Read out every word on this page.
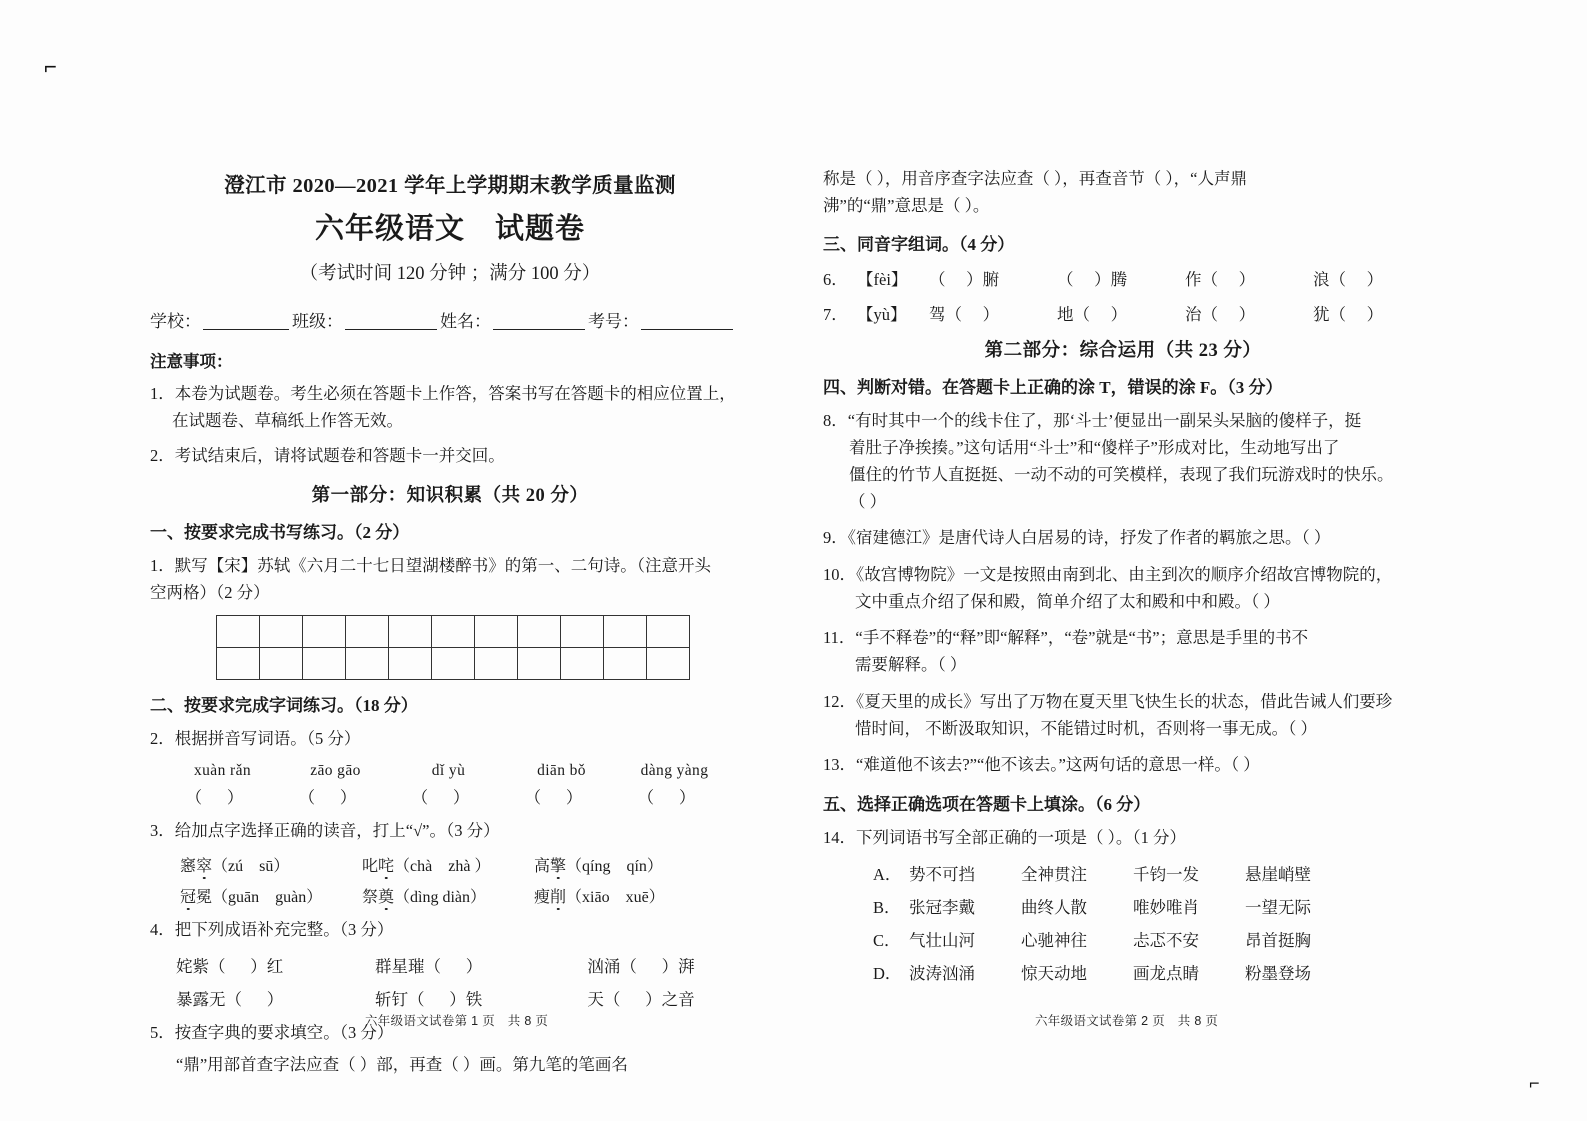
⌐
⌐
澄江市 2020—2021 学年上学期期末教学质量监测
六年级语文　试题卷
（考试时间 120 分钟 ；满分 100 分）
学校：	班级：	姓名：	考号：
注意事项：
1．本卷为试题卷。考生必须在答题卡上作答，答案书写在答题卡的相应位置上，
在试题卷、草稿纸上作答无效。
2．考试结束后，请将试题卷和答题卡一并交回。
第一部分：知识积累（共 20 分）
一、按要求完成书写练习。（2 分）
1．默写【宋】苏轼《六月二十七日望湖楼醉书》的第一、二句诗。（注意开头
空两格）（2 分）

二、按要求完成字词练习。（18 分）
2．根据拼音写词语。（5 分）
xuàn rǎn	zāo gāo	dǐ yù	diān bǒ	dàng yàng
（      ）	（      ）	（      ）	（      ）	（      ）
3．给加点字选择正确的读音，打上“√”。（3 分）
窸窣（zú　sū）	叱咤（chà　zhà ）	高擎（qíng　qín）
冠冕（guān　guàn）	祭奠（dìng diàn）	瘦削（xiāo　xuē）
4．把下列成语补充完整。（3 分）
姹紫（      ）红	群星璀（      ）	汹涌（      ）湃
暴露无（      ）	斩钉（      ）铁	天（      ）之音
5．按查字典的要求填空。（3 分）
“鼎”用部首查字法应查（ ）部，再查（ ）画。第九笔的笔画名
称是（ ），用音序查字法应查（ ），再查音节（ ），“人声鼎
沸”的“鼎”意思是（ ）。
三、同音字组词。（4 分）
6． 【fèi】	（     ）腑	（     ）腾	作（     ）	浪（     ）
7． 【yù】	驾（     ）	地（     ）	治（     ）	犹（     ）
第二部分：综合运用（共 23 分）
四、判断对错。在答题卡上正确的涂 T，错误的涂 F。（3 分）
8．“有时其中一个的线卡住了，那‘斗士’便显出一副呆头呆脑的傻样子，挺
着肚子净挨揍。”这句话用“斗士”和“傻样子”形成对比，生动地写出了
僵住的竹节人直挺挺、一动不动的可笑模样，表现了我们玩游戏时的快乐。
（ ）
9．《宿建德江》是唐代诗人白居易的诗，抒发了作者的羁旅之思。（ ）
10．《故宫博物院》一文是按照由南到北、由主到次的顺序介绍故宫博物院的，
文中重点介绍了保和殿，简单介绍了太和殿和中和殿。（ ）
11．“手不释卷”的“释”即“解释”，“卷”就是“书”；意思是手里的书不
需要解释。（ ）
12．《夏天里的成长》写出了万物在夏天里飞快生长的状态，借此告诫人们要珍
惜时间， 不断汲取知识，不能错过时机，否则将一事无成。（ ）
13．“难道他不该去?”“他不该去。”这两句话的意思一样。（ ）
五、选择正确选项在答题卡上填涂。（6 分）
14．下列词语书写全部正确的一项是（ ）。（1 分）
A． 势不可挡	全神贯注	千钧一发	悬崖峭壁
B． 张冠李戴	曲终人散	唯妙唯肖	一望无际
C． 气壮山河	心驰神往	忐忑不安	昂首挺胸
D． 波涛汹涌	惊天动地	画龙点睛	粉墨登场
六年级语文试卷第 1 页　共 8 页	六年级语文试卷第 2 页　共 8 页
